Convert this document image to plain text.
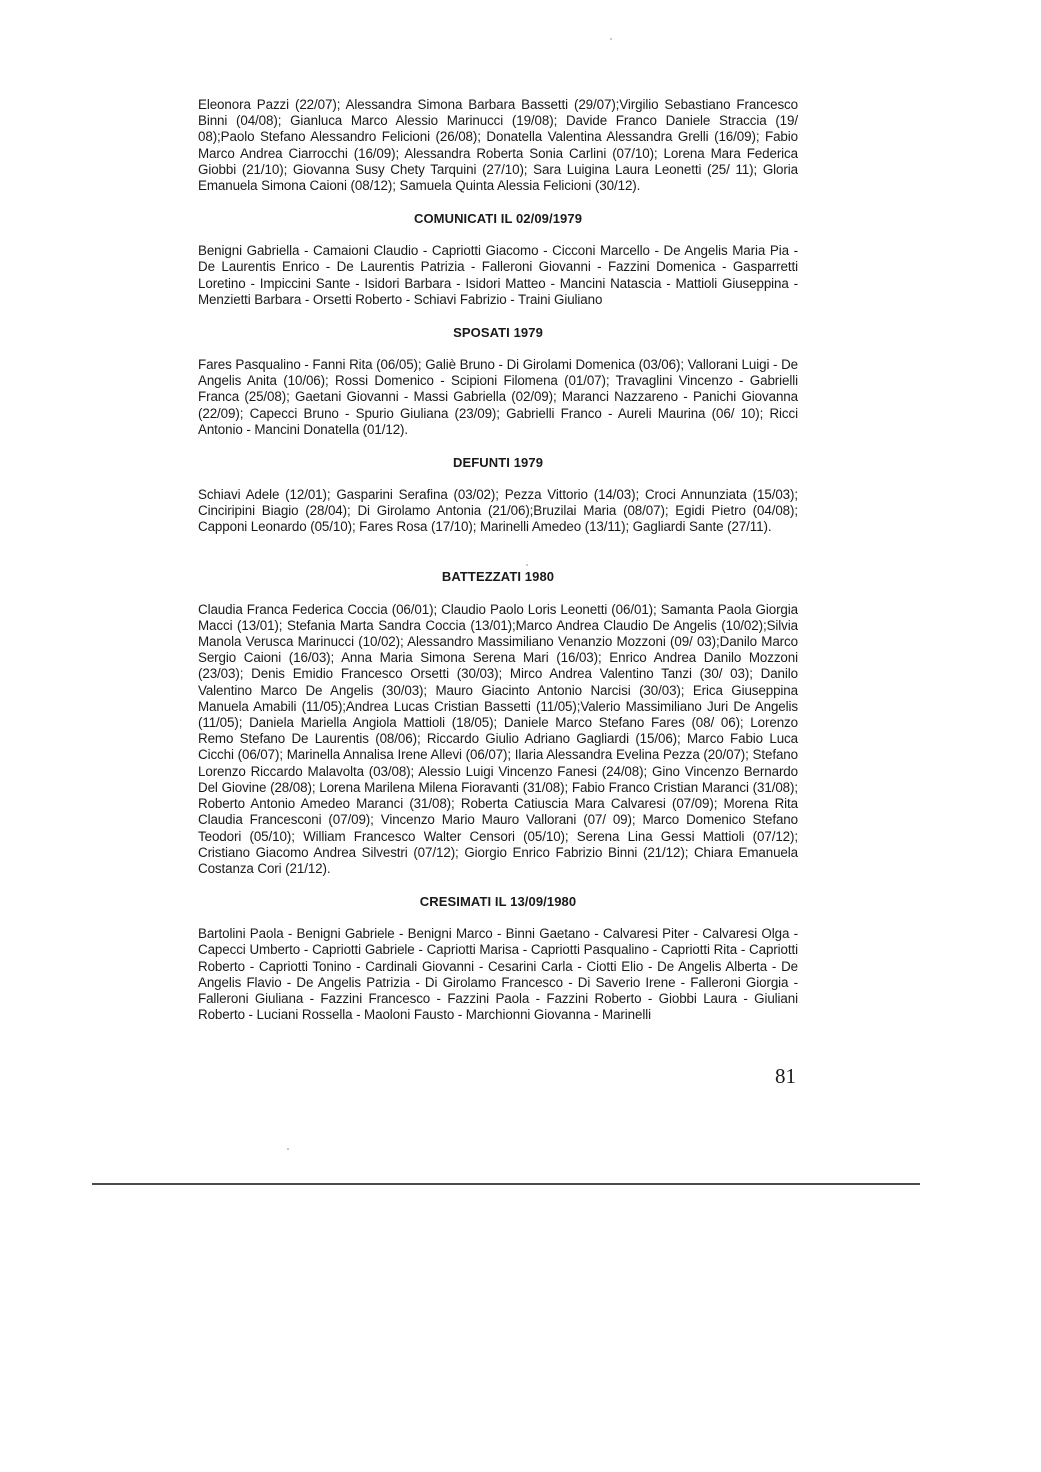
Eleonora Pazzi (22/07); Alessandra Simona Barbara Bassetti (29/07);Virgilio Sebastiano Francesco Binni (04/08); Gianluca Marco Alessio Marinucci (19/08); Davide Franco Daniele Straccia (19/ 08);Paolo Stefano Alessandro Felicioni (26/08); Donatella Valentina Alessandra Grelli (16/09); Fabio Marco Andrea Ciarrocchi (16/09); Alessandra Roberta Sonia Carlini (07/10); Lorena Mara Federica Giobbi (21/10); Giovanna Susy Chety Tarquini (27/10); Sara Luigina Laura Leonetti (25/ 11); Gloria Emanuela Simona Caioni (08/12); Samuela Quinta Alessia Felicioni (30/12).

COMUNICATI IL 02/09/1979

Benigni Gabriella - Camaioni Claudio - Capriotti Giacomo - Cicconi Marcello - De Angelis Maria Pia - De Laurentis Enrico - De Laurentis Patrizia - Falleroni Giovanni - Fazzini Domenica - Gasparretti Loretino - Impiccini Sante - Isidori Barbara - Isidori Matteo - Mancini Natascia - Mattioli Giuseppina - Menzietti Barbara - Orsetti Roberto - Schiavi Fabrizio - Traini Giuliano

SPOSATI 1979

Fares Pasqualino - Fanni Rita (06/05); Galiè Bruno - Di Girolami Domenica (03/06); Vallorani Luigi - De Angelis Anita (10/06); Rossi Domenico - Scipioni Filomena (01/07); Travaglini Vincenzo - Gabrielli Franca (25/08); Gaetani Giovanni - Massi Gabriella (02/09); Maranci Nazzareno - Panichi Giovanna (22/09); Capecci Bruno - Spurio Giuliana (23/09); Gabrielli Franco - Aureli Maurina (06/ 10); Ricci Antonio - Mancini Donatella (01/12).

DEFUNTI 1979

Schiavi Adele (12/01); Gasparini Serafina (03/02); Pezza Vittorio (14/03); Croci Annunziata (15/03); Cinciripini Biagio (28/04); Di Girolamo Antonia (21/06);Bruzilai Maria (08/07); Egidi Pietro (04/08); Capponi Leonardo (05/10); Fares Rosa (17/10); Marinelli Amedeo (13/11); Gagliardi Sante (27/11).

BATTEZZATI 1980

Claudia Franca Federica Coccia (06/01); Claudio Paolo Loris Leonetti (06/01); Samanta Paola Giorgia Macci (13/01); Stefania Marta Sandra Coccia (13/01);Marco Andrea Claudio De Angelis (10/02);Silvia Manola Verusca Marinucci (10/02); Alessandro Massimiliano Venanzio Mozzoni (09/ 03);Danilo Marco Sergio Caioni (16/03); Anna Maria Simona Serena Mari (16/03); Enrico Andrea Danilo Mozzoni (23/03); Denis Emidio Francesco Orsetti (30/03); Mirco Andrea Valentino Tanzi (30/ 03); Danilo Valentino Marco De Angelis (30/03); Mauro Giacinto Antonio Narcisi (30/03); Erica Giuseppina Manuela Amabili (11/05);Andrea Lucas Cristian Bassetti (11/05);Valerio Massimiliano Juri De Angelis (11/05); Daniela Mariella Angiola Mattioli (18/05); Daniele Marco Stefano Fares (08/ 06); Lorenzo Remo Stefano De Laurentis (08/06); Riccardo Giulio Adriano Gagliardi (15/06); Marco Fabio Luca Cicchi (06/07); Marinella Annalisa Irene Allevi (06/07); Ilaria Alessandra Evelina Pezza (20/07); Stefano Lorenzo Riccardo Malavolta (03/08); Alessio Luigi Vincenzo Fanesi (24/08); Gino Vincenzo Bernardo Del Giovine (28/08); Lorena Marilena Milena Fioravanti (31/08); Fabio Franco Cristian Maranci (31/08); Roberto Antonio Amedeo Maranci (31/08); Roberta Catiuscia Mara Calvaresi (07/09); Morena Rita Claudia Francesconi (07/09); Vincenzo Mario Mauro Vallorani (07/ 09); Marco Domenico Stefano Teodori (05/10); William Francesco Walter Censori (05/10); Serena Lina Gessi Mattioli (07/12); Cristiano Giacomo Andrea Silvestri (07/12); Giorgio Enrico Fabrizio Binni (21/12); Chiara Emanuela Costanza Cori (21/12).

CRESIMATI IL 13/09/1980

Bartolini Paola - Benigni Gabriele - Benigni Marco - Binni Gaetano - Calvaresi Piter - Calvaresi Olga - Capecci Umberto - Capriotti Gabriele - Capriotti Marisa - Capriotti Pasqualino - Capriotti Rita - Capriotti Roberto - Capriotti Tonino - Cardinali Giovanni - Cesarini Carla - Ciotti Elio - De Angelis Alberta - De Angelis Flavio - De Angelis Patrizia - Di Girolamo Francesco - Di Saverio Irene - Falleroni Giorgia - Falleroni Giuliana - Fazzini Francesco - Fazzini Paola - Fazzini Roberto - Giobbi Laura - Giuliani Roberto - Luciani Rossella - Maoloni Fausto - Marchionni Giovanna - Marinelli

81
